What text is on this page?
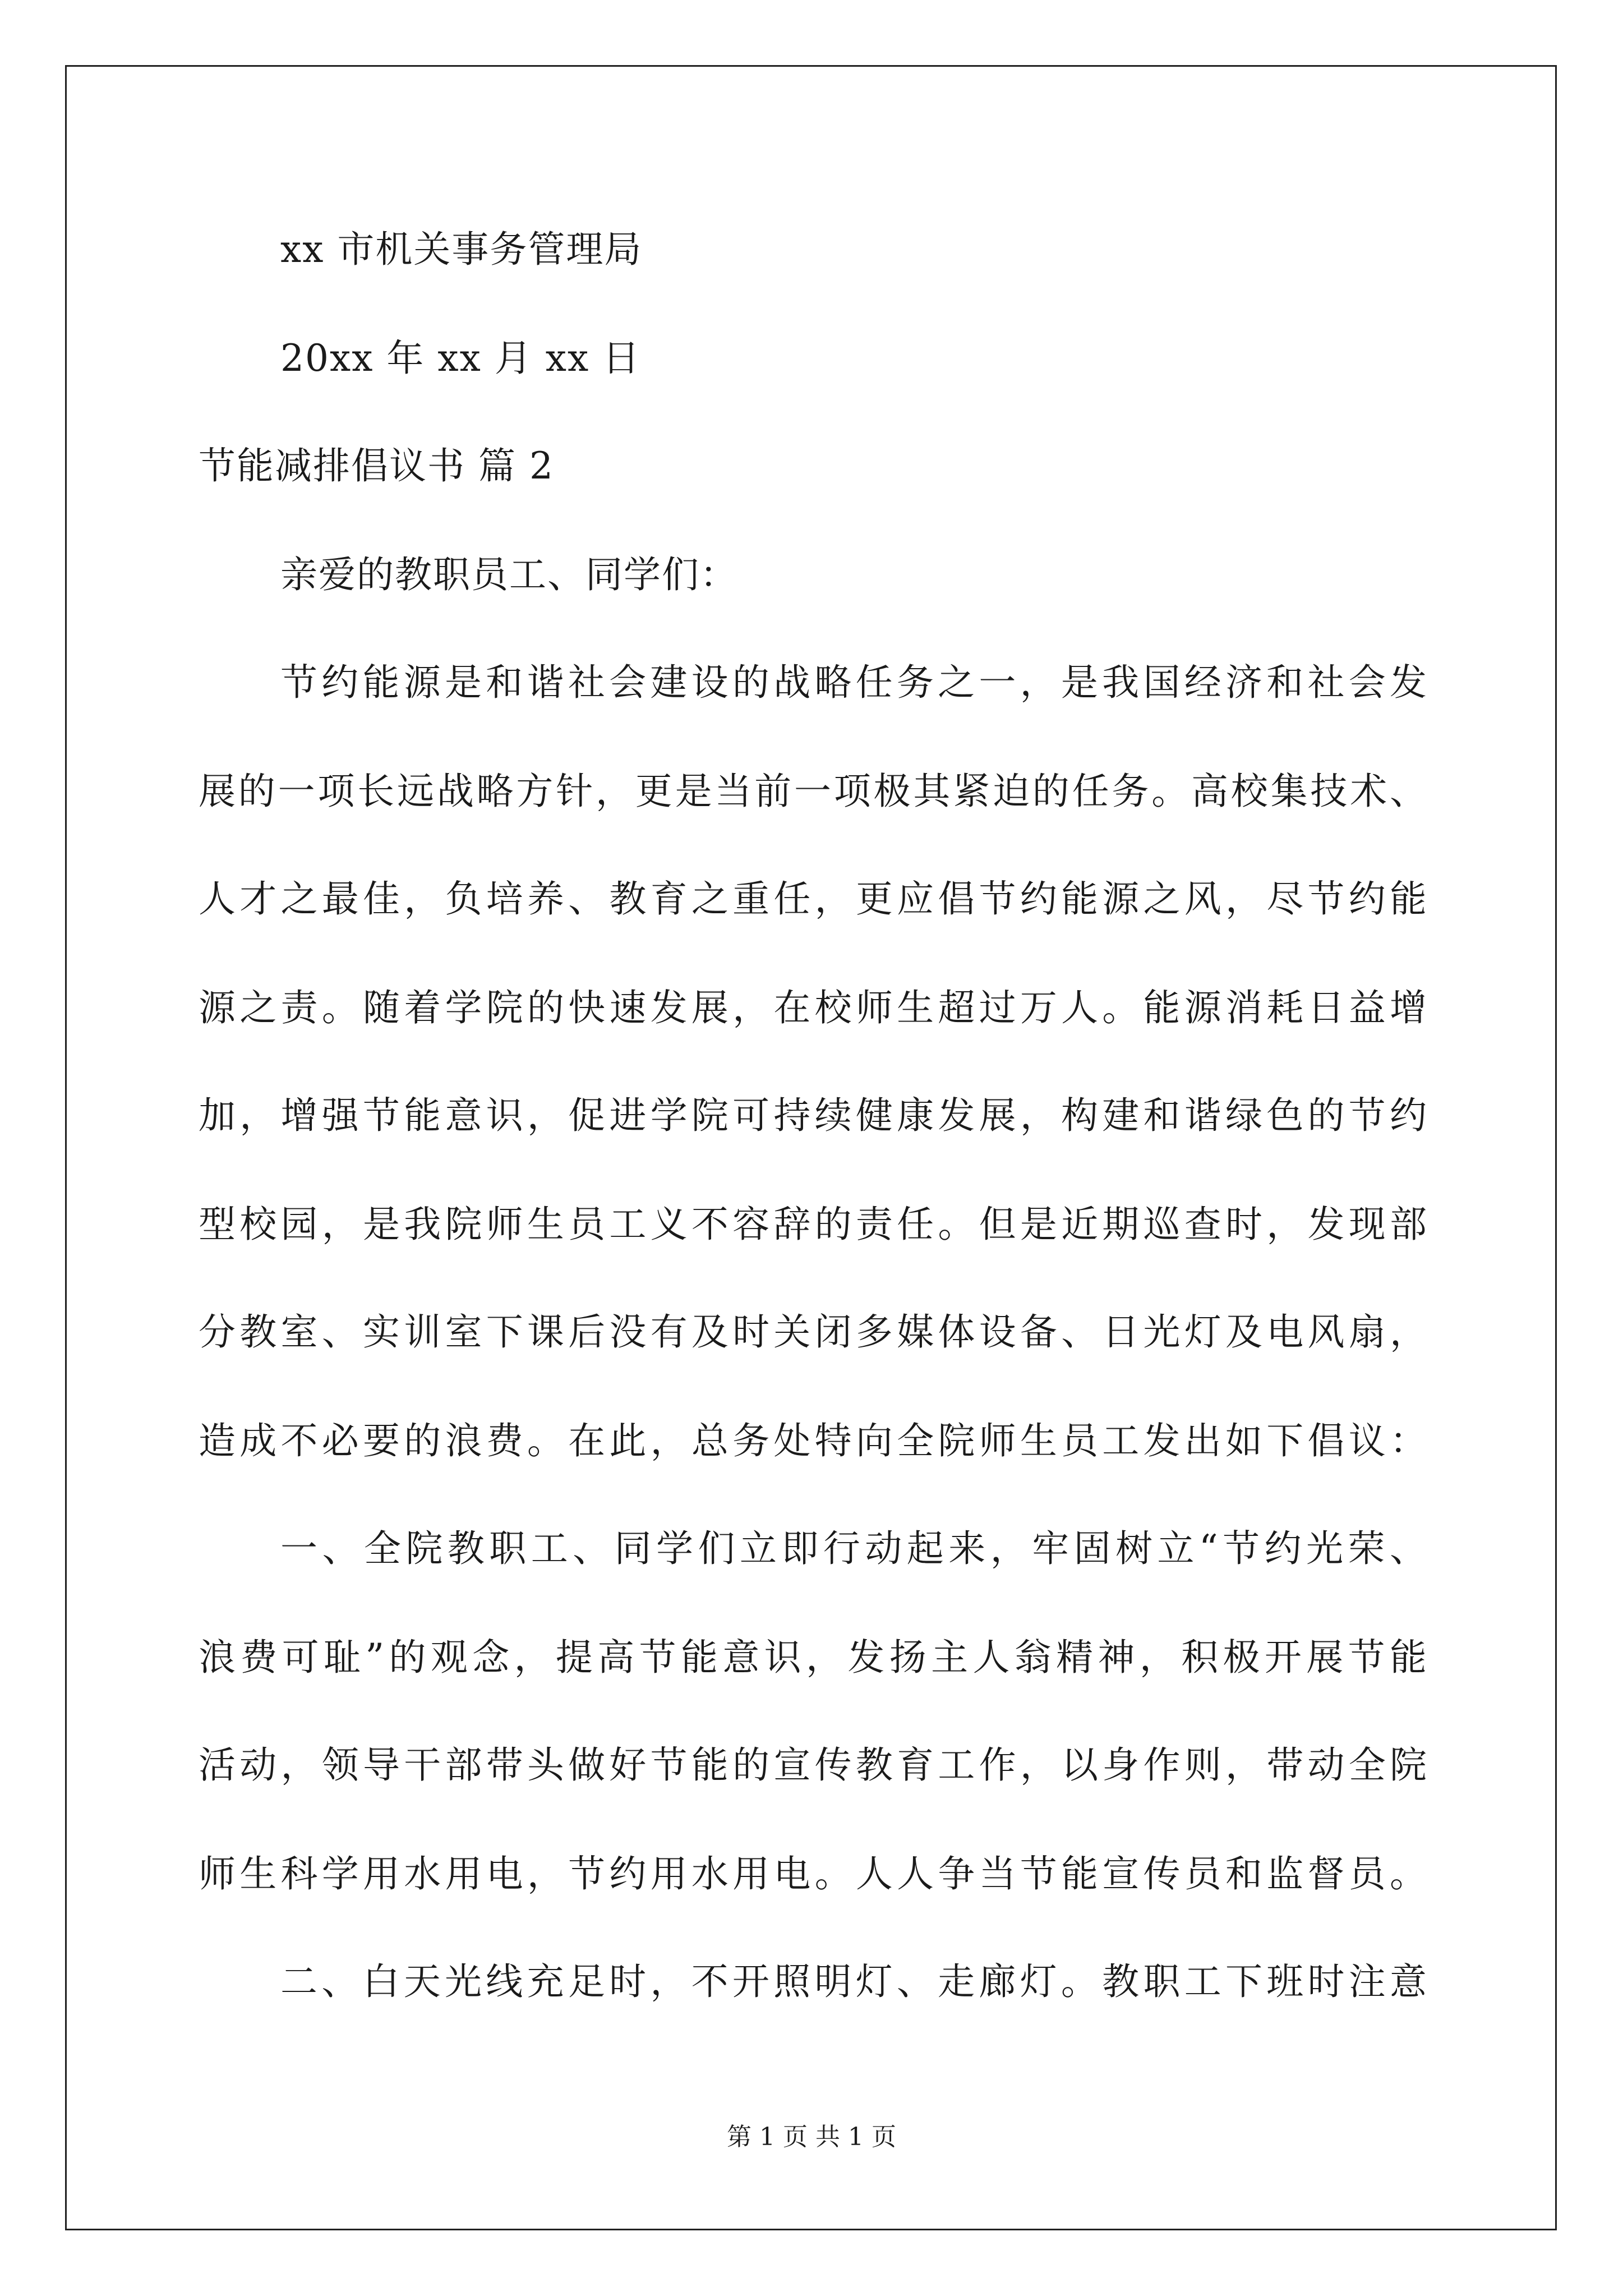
xx 市机关事务管理局
20xx 年 xx 月 xx 日
节能减排倡议书 篇 2
亲爱的教职员工、同学们：
节约能源是和谐社会建设的战略任务之一，是我国经济和社会发
展的一项长远战略方针，更是当前一项极其紧迫的任务。高校集技术、
人才之最佳，负培养、教育之重任，更应倡节约能源之风，尽节约能
源之责。随着学院的快速发展，在校师生超过万人。能源消耗日益增
加，增强节能意识，促进学院可持续健康发展，构建和谐绿色的节约
型校园，是我院师生员工义不容辞的责任。但是近期巡查时，发现部
分教室、实训室下课后没有及时关闭多媒体设备、日光灯及电风扇，
造成不必要的浪费。在此，总务处特向全院师生员工发出如下倡议：
一、全院教职工、同学们立即行动起来，牢固树立“节约光荣、
浪费可耻”的观念，提高节能意识，发扬主人翁精神，积极开展节能
活动，领导干部带头做好节能的宣传教育工作，以身作则，带动全院
师生科学用水用电，节约用水用电。人人争当节能宣传员和监督员。
二、白天光线充足时，不开照明灯、走廊灯。教职工下班时注意
第 1 页 共 1 页
